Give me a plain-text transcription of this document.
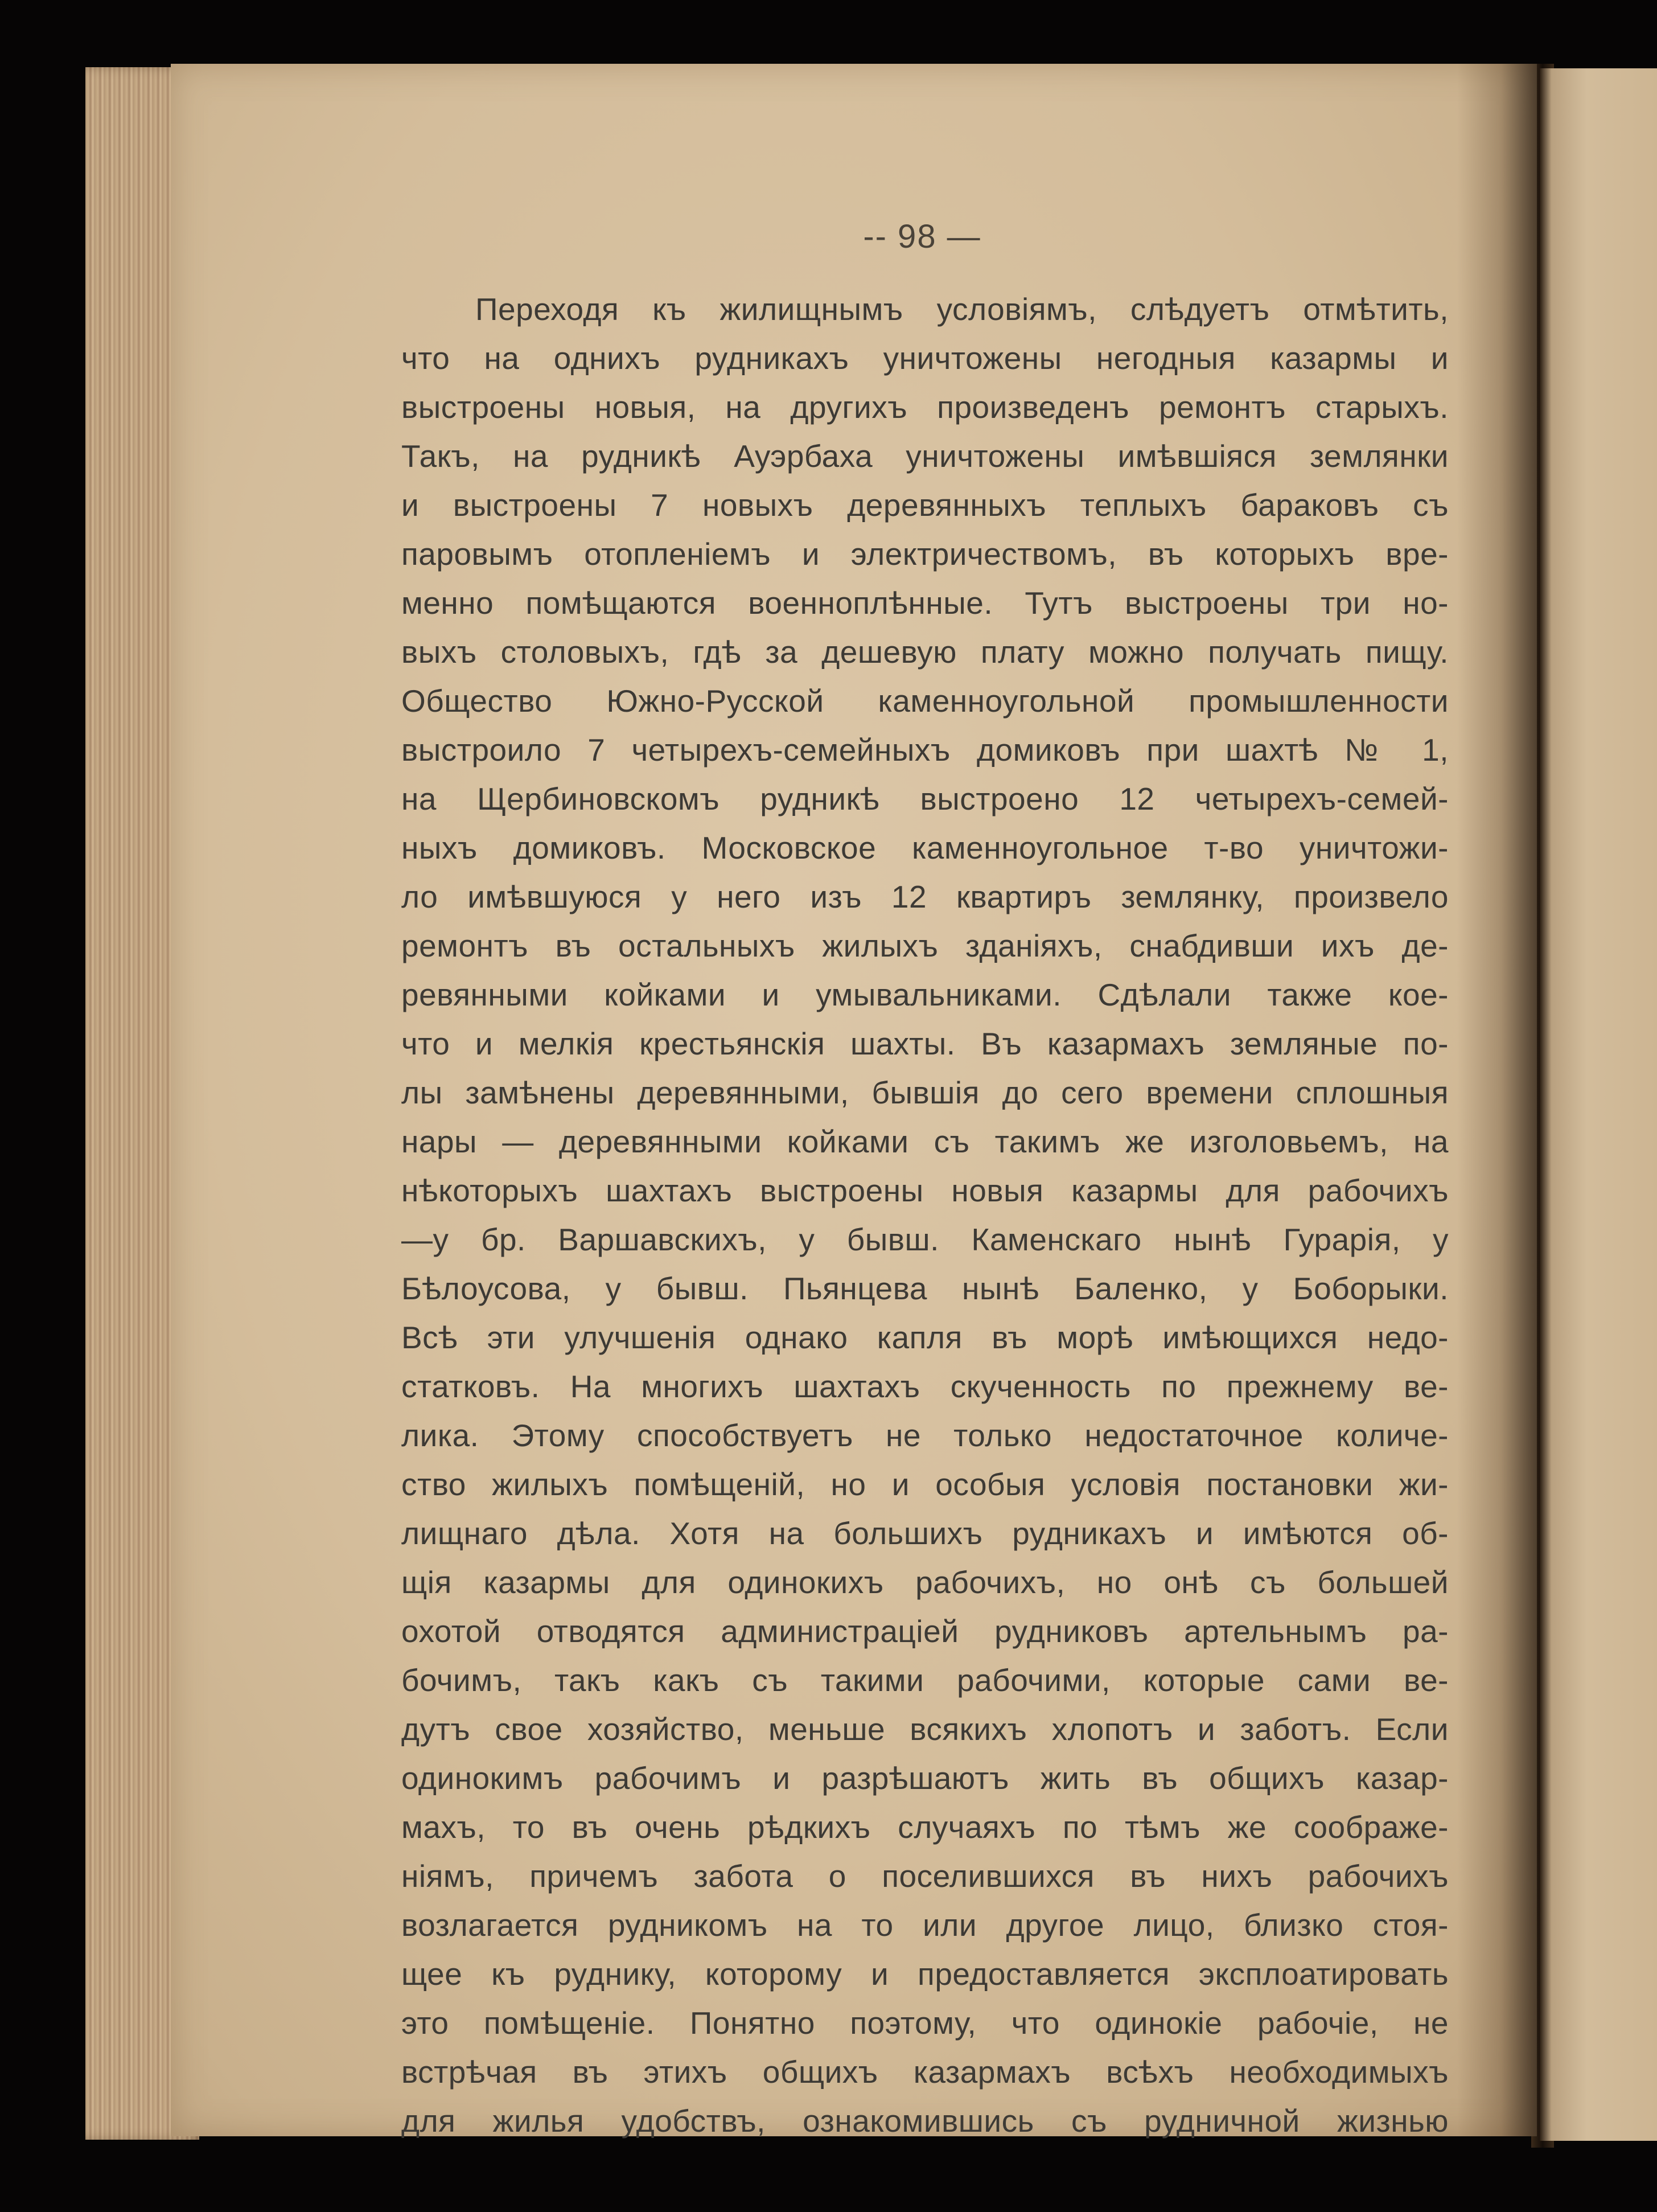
-- 98 —
Переходя къ жилищнымъ условіямъ, слѣдуетъ отмѣтить,
что на однихъ рудникахъ уничтожены негодныя казармы и
выстроены новыя, на другихъ произведенъ ремонтъ старыхъ.
Такъ, на рудникѣ Ауэрбаха уничтожены имѣвшіяся землянки
и выстроены 7 новыхъ деревянныхъ теплыхъ бараковъ съ
паровымъ отопленіемъ и электричествомъ, въ которыхъ вре-
менно помѣщаются военноплѣнные. Тутъ выстроены три но-
выхъ столовыхъ, гдѣ за дешевую плату можно получать пищу.
Общество Южно-Русской каменноугольной промышленности
выстроило 7 четырехъ-семейныхъ домиковъ при шахтѣ № 1,
на Щербиновскомъ рудникѣ выстроено 12 четырехъ-семей-
ныхъ домиковъ. Московское каменноугольное т-во уничтожи-
ло имѣвшуюся у него изъ 12 квартиръ землянку, произвело
ремонтъ въ остальныхъ жилыхъ зданіяхъ, снабдивши ихъ де-
ревянными койками и умывальниками. Сдѣлали также кое-
что и мелкія крестьянскія шахты. Въ казармахъ земляные по-
лы замѣнены деревянными, бывшія до сего времени сплошныя
нары — деревянными койками съ такимъ же изголовьемъ, на
нѣкоторыхъ шахтахъ выстроены новыя казармы для рабочихъ
—у бр. Варшавскихъ, у бывш. Каменскаго нынѣ Гурарія, у
Бѣлоусова, у бывш. Пьянцева нынѣ Баленко, у Боборыки.
Всѣ эти улучшенія однако капля въ морѣ имѣющихся недо-
статковъ. На многихъ шахтахъ скученность по прежнему ве-
лика. Этому способствуетъ не только недостаточное количе-
ство жилыхъ помѣщеній, но и особыя условія постановки жи-
лищнаго дѣла. Хотя на большихъ рудникахъ и имѣются об-
щія казармы для одинокихъ рабочихъ, но онѣ съ большей
охотой отводятся администраціей рудниковъ артельнымъ ра-
бочимъ, такъ какъ съ такими рабочими, которые сами ве-
дутъ свое хозяйство, меньше всякихъ хлопотъ и заботъ. Если
одинокимъ рабочимъ и разрѣшаютъ жить въ общихъ казар-
махъ, то въ очень рѣдкихъ случаяхъ по тѣмъ же соображе-
ніямъ, причемъ забота о поселившихся въ нихъ рабочихъ
возлагается рудникомъ на то или другое лицо, близко стоя-
щее къ руднику, которому и предоставляется эксплоатировать
это помѣщеніе. Понятно поэтому, что одинокіе рабочіе, не
встрѣчая въ этихъ общихъ казармахъ всѣхъ необходимыхъ
для жилья удобствъ, ознакомившись съ рудничной жизнью
